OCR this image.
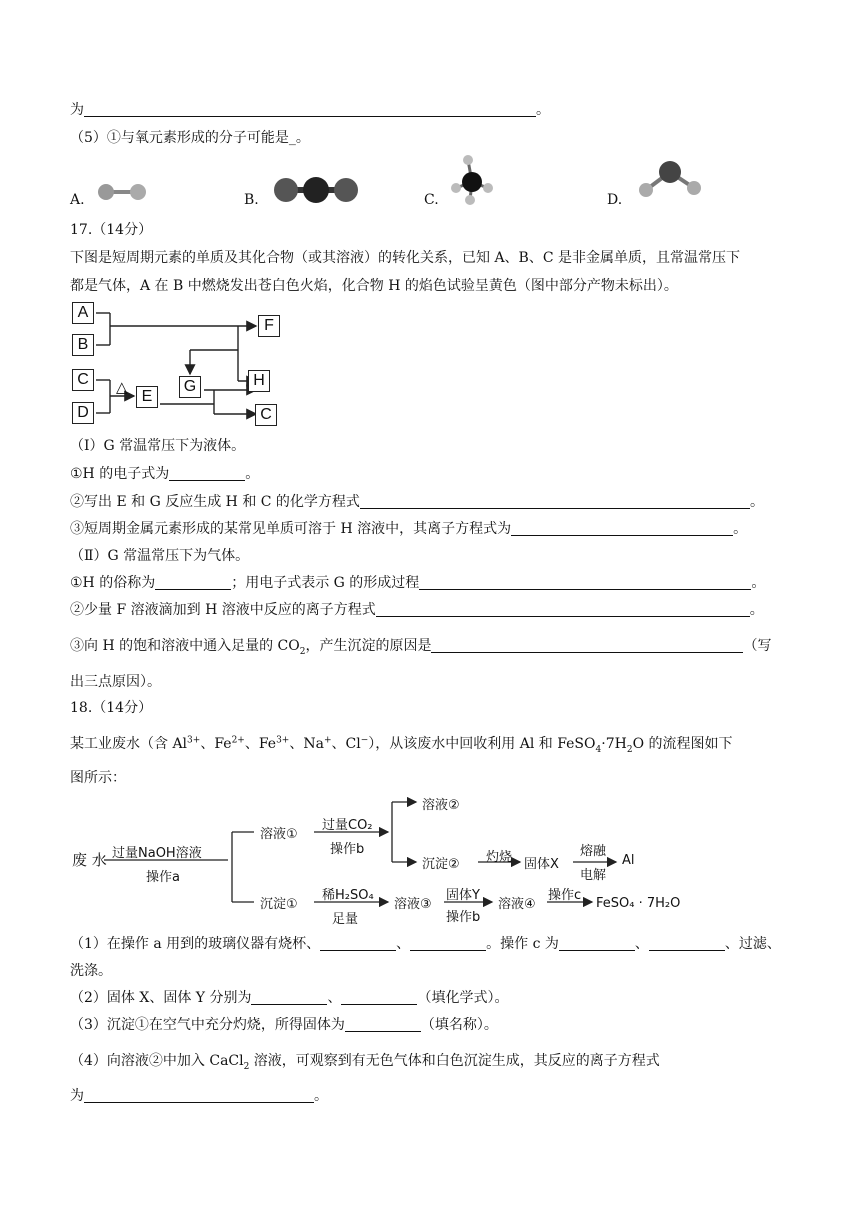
为	。
（5）①与氧元素形成的分子可能是_。
A.	B.	C.	D.
17.（14分）
下图是短周期元素的单质及其化合物（或其溶液）的转化关系，已知 A、B、C 是非金属单质，且常温常压下
都是气体，A 在 B 中燃烧发出苍白色火焰，化合物 H 的焰色试验呈黄色（图中部分产物未标出）。
A
B
C
D
△
E
F
G	H
C
（Ⅰ）G 常温常压下为液体。
①H 的电子式为	。
②写出 E 和 G 反应生成 H 和 C 的化学方程式	。
③短周期金属元素形成的某常见单质可溶于 H 溶液中，其离子方程式为	。
（Ⅱ）G 常温常压下为气体。
①H 的俗称为	；用电子式表示 G 的形成过程	。
②少量 F 溶液滴加到 H 溶液中反应的离子方程式	。
③向 H 的饱和溶液中通入足量的 $CO_2$，产生沉淀的原因是	（写
出三点原因）。
18.（14分）
某工业废水（含 $Al^{3+}$、$Fe^{2+}$、$Fe^{3+}$、Na+、Cl−），从该废水中回收利用 Al 和 $FeSO_4\cdot 7H_2O$ 的流程图如下
图所示：
废 水 过量NaOH溶液
操作a
溶液①
过量CO₂
操作b
溶液②
沉淀② 灼烧 固体X
熔融
电解
Al
沉淀①
稀H₂SO₄
足量
溶液③
固体Y
操作b
溶液④
操作c
FeSO₄ · 7H₂O
（1）在操作 a 用到的玻璃仪器有烧杯、	、	。操作 c 为	、	、过滤、
洗涤。
（2）固体 X、固体 Y 分别为	、	（填化学式）。
（3）沉淀①在空气中充分灼烧，所得固体为	（填名称）。
（4）向溶液②中加入 CaCl$_2$ 溶液，可观察到有无色气体和白色沉淀生成，其反应的离子方程式
为	。
